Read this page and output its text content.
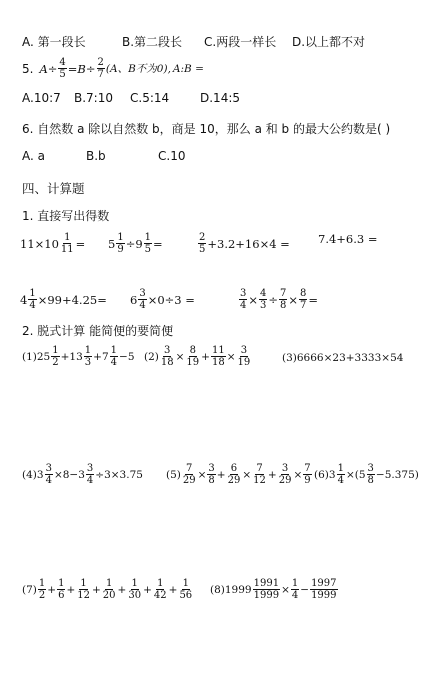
A. 第一段长	B.第二段长 C.两段一样长 D.以上都不对
5. $A \div \frac{4}{5} = B \div \frac{2}{7} (A$、B不为0), A:B =
A.10:7 B.7:10 C.5:14	D.14:5
6. 自然数 a 除以自然数 b，商是 10，那么 a 和 b 的最大公约数是( )
A. a	B.b	C.10
四、计算题
1. 直接写出得数
$11\times 10 \frac{1}{11} = 5 \frac{1}{9} \div 9 \frac{1}{5}$ =	$\frac{2}{5} +3.2+16\times 4 = 7.4+6.3$ =
$4 \frac{1}{4} \times 99+4.25= 6 \frac{3}{4} \times 0\div 3$ =	$\frac{3}{4} \times \frac{4}{3} \div \frac{7}{8} \times \frac{8}{7}$ =
2. 脱式计算 能简便的要简便
(1) $25 \frac{1}{2} +13 \frac{1}{3} +7 \frac{1}{4} -5$ $(2) \frac{3}{18} \times \frac{8}{19} + \frac{11}{18} \times \frac{3}{19}$	(3)6666×23+3333×54
$(4)3 \frac{3}{4} \times 8-3 \frac{3}{4} \div 3\times 3.75$ $(5) \frac{7}{29} \times \frac{3}{8} + \frac{6}{29} \times \frac{7}{12} + \frac{3}{29} \times \frac{7}{9} (6)3 \frac{1}{4} \times(5 \frac{3}{8} -5.375)$
$(7) \frac{1}{2} + \frac{1}{6} + \frac{1}{12} + \frac{1}{20} + \frac{1}{30} + \frac{1}{42} + \frac{1}{56} (8)1999 \frac{1991}{1999} \times \frac{1}{4} - \frac{1997}{1999}$
